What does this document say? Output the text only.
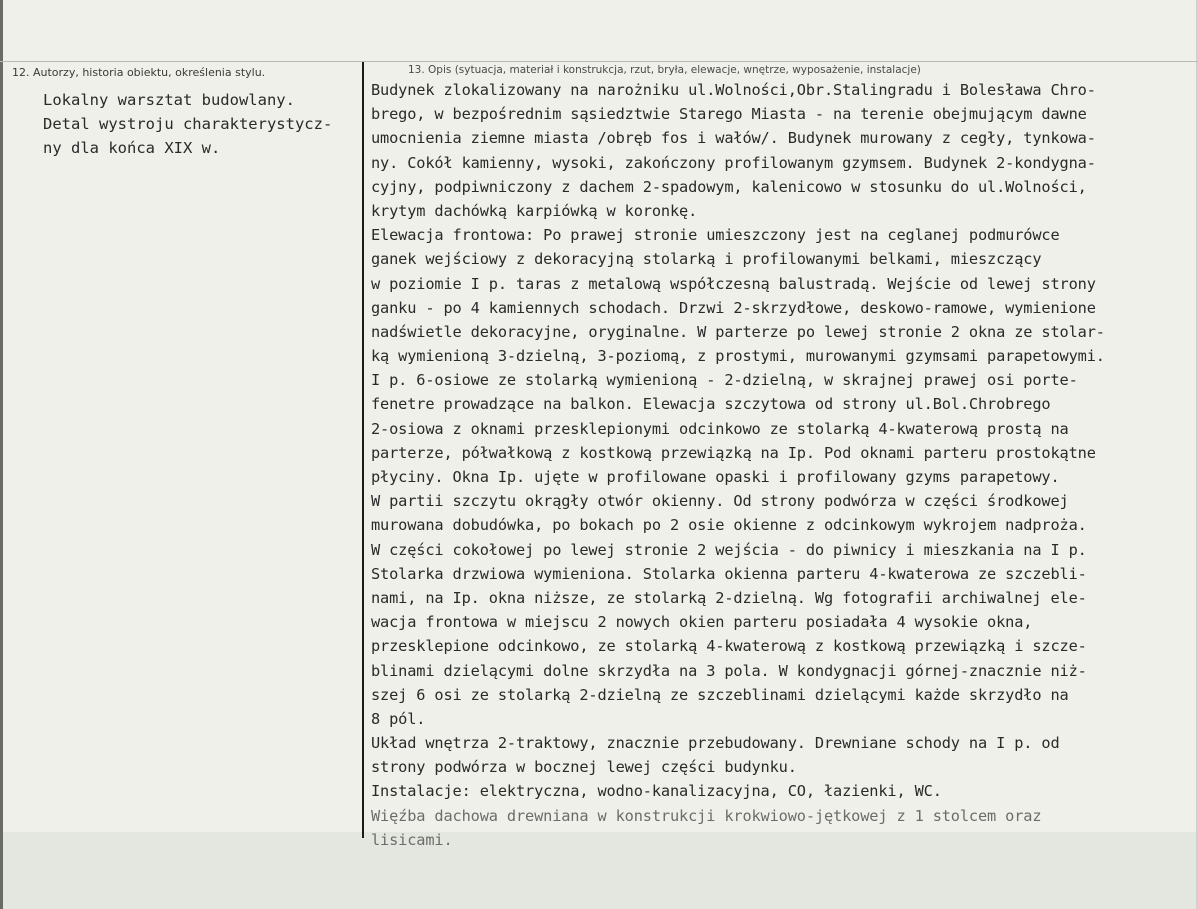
12. Autorzy, historia obiektu, określenia stylu.	13. Opis (sytuacja, materiał i konstrukcja, rzut, bryła, elewacje, wnętrze, wyposażenie, instalacje)
Lokalny warsztat budowlany.
Detal wystroju charakterystycz-
ny dla końca XIX w.
Budynek zlokalizowany na narożniku ul.Wolności,Obr.Stalingradu i Bolesława Chro-
brego, w bezpośrednim sąsiedztwie Starego Miasta - na terenie obejmującym dawne
umocnienia ziemne miasta /obręb fos i wałów/. Budynek murowany z cegły, tynkowa-
ny. Cokół kamienny, wysoki, zakończony profilowanym gzymsem. Budynek 2-kondygna-
cyjny, podpiwniczony z dachem 2-spadowym, kalenicowo w stosunku do ul.Wolności,
krytym dachówką karpiówką w koronkę.
Elewacja frontowa: Po prawej stronie umieszczony jest na ceglanej podmurówce
ganek wejściowy z dekoracyjną stolarką i profilowanymi belkami, mieszczący
w poziomie I p. taras z metalową współczesną balustradą. Wejście od lewej strony
ganku - po 4 kamiennych schodach. Drzwi 2-skrzydłowe, deskowo-ramowe, wymienione
nadświetle dekoracyjne, oryginalne. W parterze po lewej stronie 2 okna ze stolar-
ką wymienioną 3-dzielną, 3-poziomą, z prostymi, murowanymi gzymsami parapetowymi.
I p. 6-osiowe ze stolarką wymienioną - 2-dzielną, w skrajnej prawej osi porte-
fenetre prowadzące na balkon. Elewacja szczytowa od strony ul.Bol.Chrobrego
2-osiowa z oknami przesklepionymi odcinkowo ze stolarką 4-kwaterową prostą na
parterze, półwałkową z kostkową przewiązką na Ip. Pod oknami parteru prostokątne
płyciny. Okna Ip. ujęte w profilowane opaski i profilowany gzyms parapetowy.
W partii szczytu okrągły otwór okienny. Od strony podwórza w części środkowej
murowana dobudówka, po bokach po 2 osie okienne z odcinkowym wykrojem nadproża.
W części cokołowej po lewej stronie 2 wejścia - do piwnicy i mieszkania na I p.
Stolarka drzwiowa wymieniona. Stolarka okienna parteru 4-kwaterowa ze szczebli-
nami, na Ip. okna niższe, ze stolarką 2-dzielną. Wg fotografii archiwalnej ele-
wacja frontowa w miejscu 2 nowych okien parteru posiadała 4 wysokie okna,
przesklepione odcinkowo, ze stolarką 4-kwaterową z kostkową przewiązką i szcze-
blinami dzielącymi dolne skrzydła na 3 pola. W kondygnacji górnej-znacznie niż-
szej 6 osi ze stolarką 2-dzielną ze szczeblinami dzielącymi każde skrzydło na
8 pól.
Układ wnętrza 2-traktowy, znacznie przebudowany. Drewniane schody na I p. od
strony podwórza w bocznej lewej części budynku.
Instalacje: elektryczna, wodno-kanalizacyjna, CO, łazienki, WC.
Więźba dachowa drewniana w konstrukcji krokwiowo-jętkowej z 1 stolcem oraz
lisicami.
